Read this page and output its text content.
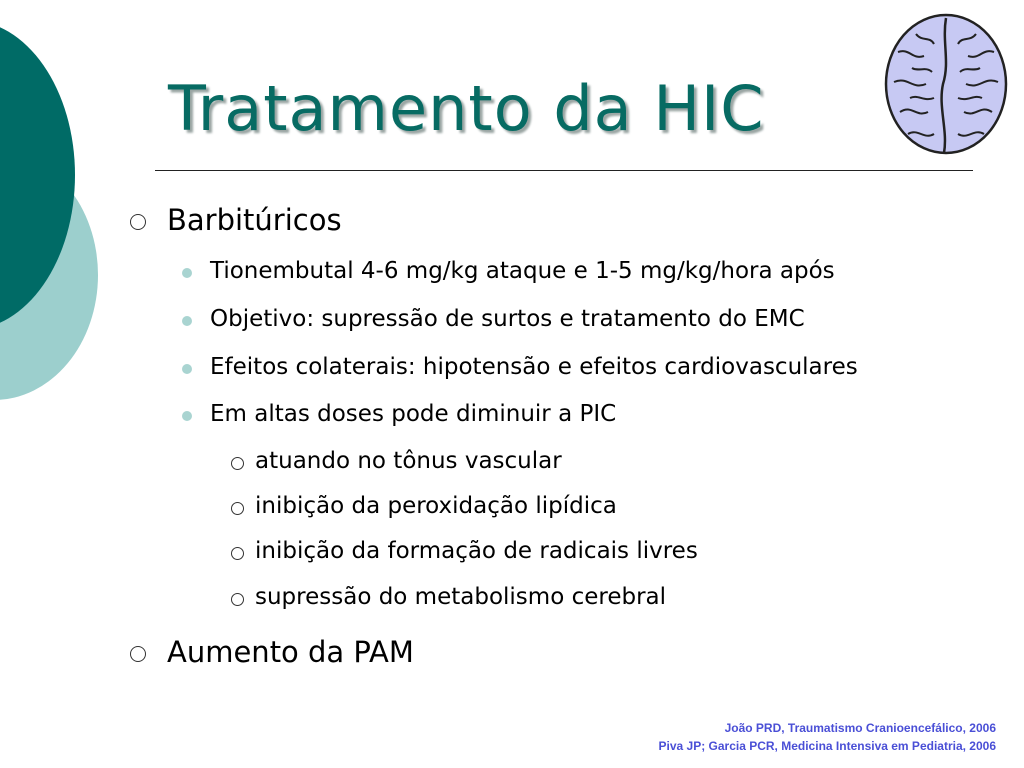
Tratamento da HIC
Barbitúricos
Tionembutal 4-6 mg/kg ataque e 1-5 mg/kg/hora após
Objetivo: supressão de surtos e tratamento do EMC
Efeitos colaterais: hipotensão e efeitos cardiovasculares
Em altas doses pode diminuir a PIC
atuando no tônus vascular
inibição da peroxidação lipídica
inibição da formação de radicais livres
supressão do metabolismo cerebral
Aumento da PAM
João PRD, Traumatismo Cranioencefálico, 2006
Piva JP; Garcia PCR, Medicina Intensiva em Pediatria, 2006
